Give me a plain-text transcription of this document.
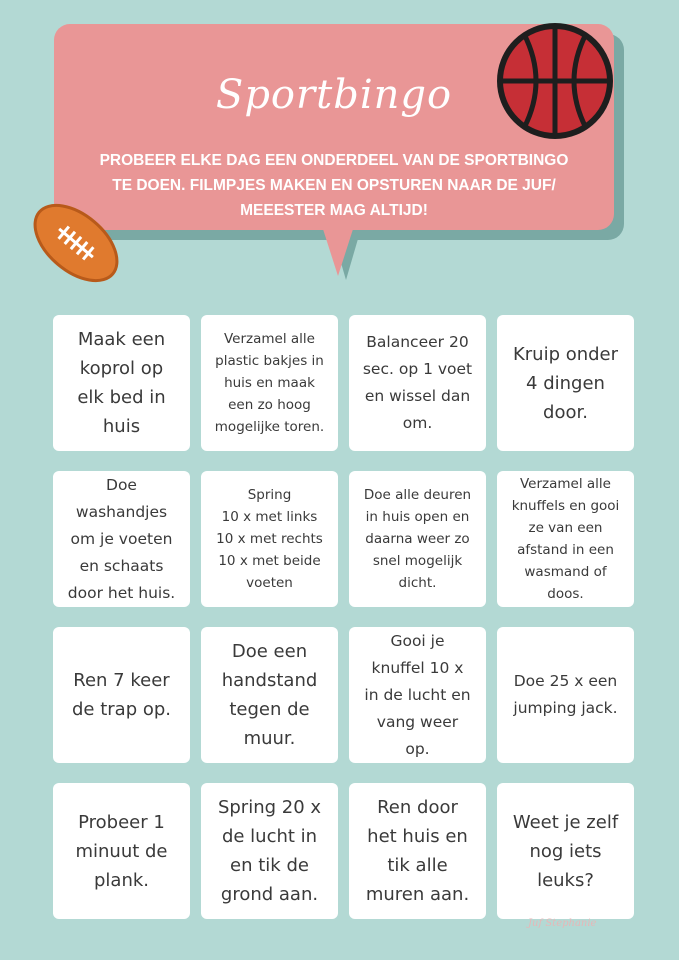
Sportbingo
PROBEER ELKE DAG EEN ONDERDEEL VAN DE SPORTBINGO
TE DOEN. FILMPJES MAKEN EN OPSTUREN NAAR DE JUF/
MEEESTER MAG ALTIJD!
Maak een
koprol op
elk bed in
huis
Verzamel alle
plastic bakjes in
huis en maak
een zo hoog
mogelijke toren.
Balanceer 20
sec. op 1 voet
en wissel dan
om.
Kruip onder
4 dingen
door.
Doe
washandjes
om je voeten
en schaats
door het huis.
Spring
10 x met links
10 x met rechts
10 x met beide
voeten
Doe alle deuren
in huis open en
daarna weer zo
snel mogelijk
dicht.
Verzamel alle
knuffels en gooi
ze van een
afstand in een
wasmand of
doos.
Ren 7 keer
de trap op.
Doe een
handstand
tegen de
muur.
Gooi je
knuffel 10 x
in de lucht en
vang weer
op.
Doe 25 x een
jumping jack.
Probeer 1
minuut de
plank.
Spring 20 x
de lucht in
en tik de
grond aan.
Ren door
het huis en
tik alle
muren aan.
Weet je zelf
nog iets
leuks?
Juf Stephanie
